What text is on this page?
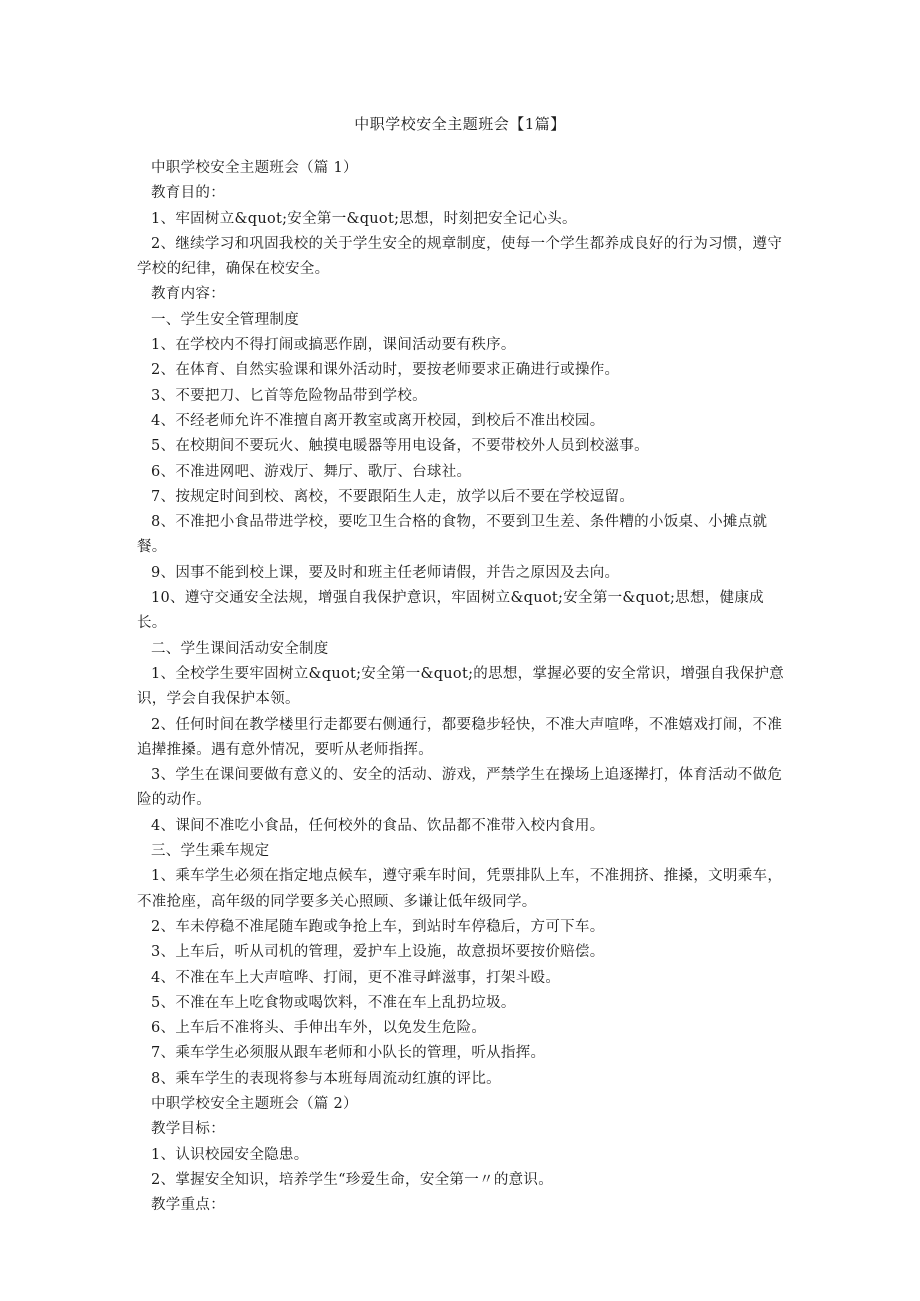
中职学校安全主题班会【1篇】

中职学校安全主题班会（篇 1）

教育目的：

1、牢固树立&quot;安全第一&quot;思想，时刻把安全记心头。

2、继续学习和巩固我校的关于学生安全的规章制度，使每一个学生都养成良好的行为习惯，遵守学校的纪律，确保在校安全。

教育内容：

一、学生安全管理制度

1、在学校内不得打闹或搞恶作剧，课间活动要有秩序。

2、在体育、自然实验课和课外活动时，要按老师要求正确进行或操作。

3、不要把刀、匕首等危险物品带到学校。

4、不经老师允许不准擅自离开教室或离开校园，到校后不准出校园。

5、在校期间不要玩火、触摸电暖器等用电设备，不要带校外人员到校滋事。

6、不准进网吧、游戏厅、舞厅、歌厅、台球社。

7、按规定时间到校、离校，不要跟陌生人走，放学以后不要在学校逗留。

8、不准把小食品带进学校，要吃卫生合格的食物，不要到卫生差、条件糟的小饭桌、小摊点就餐。

9、因事不能到校上课，要及时和班主任老师请假，并告之原因及去向。

10、遵守交通安全法规，增强自我保护意识，牢固树立&quot;安全第一&quot;思想，健康成长。

二、学生课间活动安全制度

1、全校学生要牢固树立&quot;安全第一&quot;的思想，掌握必要的安全常识，增强自我保护意识，学会自我保护本领。

2、任何时间在教学楼里行走都要右侧通行，都要稳步轻快，不准大声喧哗，不准嬉戏打闹，不准追撵推搡。遇有意外情况，要听从老师指挥。

3、学生在课间要做有意义的、安全的活动、游戏，严禁学生在操场上追逐撵打，体育活动不做危险的动作。

4、课间不准吃小食品，任何校外的食品、饮品都不准带入校内食用。

三、学生乘车规定

1、乘车学生必须在指定地点候车，遵守乘车时间，凭票排队上车，不准拥挤、推搡，文明乘车，不准抢座，高年级的同学要多关心照顾、多谦让低年级同学。

2、车未停稳不准尾随车跑或争抢上车，到站时车停稳后，方可下车。

3、上车后，听从司机的管理，爱护车上设施，故意损坏要按价赔偿。

4、不准在车上大声喧哗、打闹，更不准寻衅滋事，打架斗殴。

5、不准在车上吃食物或喝饮料，不准在车上乱扔垃圾。

6、上车后不准将头、手伸出车外，以免发生危险。

7、乘车学生必须服从跟车老师和小队长的管理，听从指挥。

8、乘车学生的表现将参与本班每周流动红旗的评比。

中职学校安全主题班会（篇 2）

教学目标：

1、认识校园安全隐患。

2、掌握安全知识，培养学生“珍爱生命，安全第一〃的意识。

教学重点：
